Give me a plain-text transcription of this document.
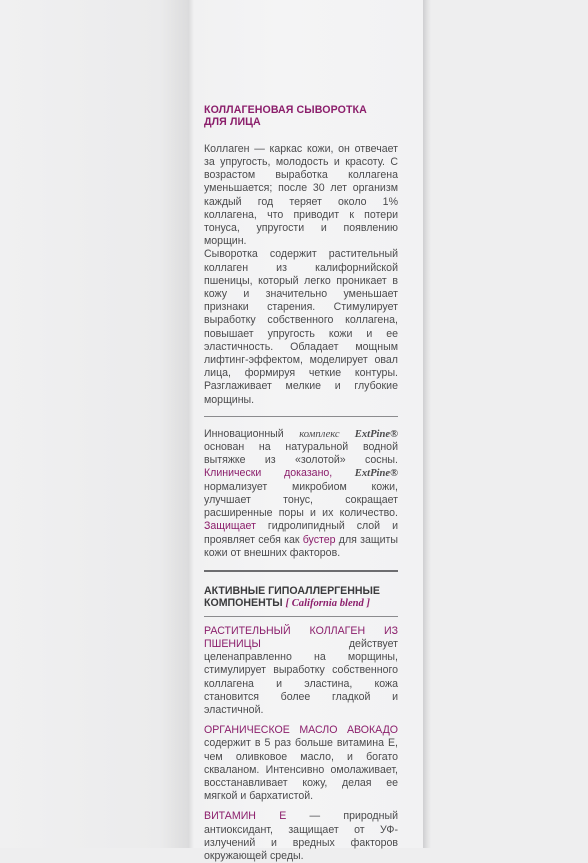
КОЛЛАГЕНОВАЯ СЫВОРОТКА
ДЛЯ ЛИЦА

Коллаген — каркас кожи, он отвечает за упругость, молодость и красоту. С возрастом выработка коллагена уменьшается; после 30 лет организм каждый год теряет около 1% коллагена, что приводит к потери тонуса, упругости и появлению морщин.

Сыворотка содержит растительный коллаген из калифорнийской пшеницы, который легко проникает в кожу и значительно уменьшает признаки старения. Стимулирует выработку собственного коллагена, повышает упругость кожи и ее эластичность. Обладает мощным лифтинг-эффектом, моделирует овал лица, формируя четкие контуры. Разглаживает мелкие и глубокие морщины.

Инновационный комплекс ExtPine® основан на натуральной водной вытяжке из «золотой» сосны. Клинически доказано, ExtPine® нормализует микробиом кожи, улучшает тонус, сокращает расширенные поры и их количество. Защищает гидролипидный слой и проявляет себя как бустер для защиты кожи от внешних факторов.

АКТИВНЫЕ ГИПОАЛЛЕРГЕННЫЕ
КОМПОНЕНТЫ [ California blend ]

РАСТИТЕЛЬНЫЙ КОЛЛАГЕН ИЗ ПШЕНИЦЫ действует целенаправленно на морщины, стимулирует выработку собственного коллагена и эластина, кожа становится более гладкой и эластичной.

ОРГАНИЧЕСКОЕ МАСЛО АВОКАДО содержит в 5 раз больше витамина Е, чем оливковое масло, и богато скваланом. Интенсивно омолаживает, восстанавливает кожу, делая ее мягкой и бархатистой.

ВИТАМИН Е — природный антиоксидант, защищает от УФ-излучений и вредных факторов окружающей среды.
